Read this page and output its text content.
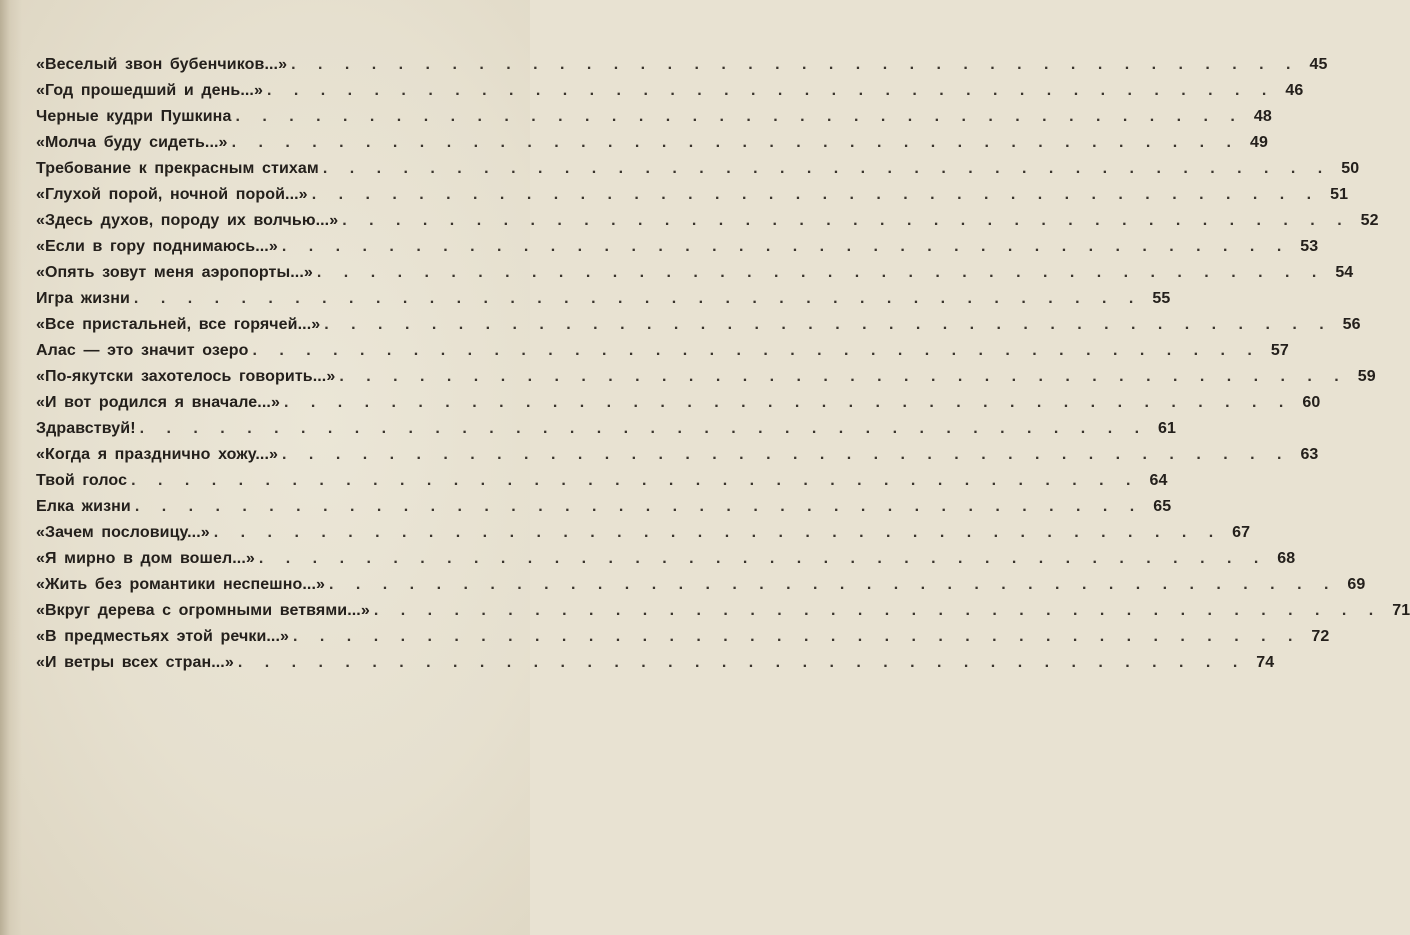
«Веселый звон бубенчиков...» . . . . . . . . . . . . . . . . . . . . . . . . . . . . . . . . . . . . . . 45
«Год прошедший и день...» . . . . . . . . . . . . . . . . . . . . . . . . . . . . . . . . . . . . . . 46
Черные кудри Пушкина . . . . . . . . . . . . . . . . . . . . . . . . . . . . . . . . . . . . . . 48
«Молча буду сидеть...» . . . . . . . . . . . . . . . . . . . . . . . . . . . . . . . . . . . . . . 49
Требование к прекрасным стихам . . . . . . . . . . . . . . . . . . . . . . . . . . . . . . . . . . . . . . 50
«Глухой порой, ночной порой...» . . . . . . . . . . . . . . . . . . . . . . . . . . . . . . . . . . . . . . 51
«Здесь духов, породу их волчью...» . . . . . . . . . . . . . . . . . . . . . . . . . . . . . . . . . . . . . . 52
«Если в гору поднимаюсь...» . . . . . . . . . . . . . . . . . . . . . . . . . . . . . . . . . . . . . . 53
«Опять зовут меня аэропорты...» . . . . . . . . . . . . . . . . . . . . . . . . . . . . . . . . . . . . . . 54
Игра жизни . . . . . . . . . . . . . . . . . . . . . . . . . . . . . . . . . . . . . . 55
«Все пристальней, все горячей...» . . . . . . . . . . . . . . . . . . . . . . . . . . . . . . . . . . . . . . 56
Алас — это значит озеро . . . . . . . . . . . . . . . . . . . . . . . . . . . . . . . . . . . . . . 57
«По-якутски захотелось говорить...» . . . . . . . . . . . . . . . . . . . . . . . . . . . . . . . . . . . . . . 59
«И вот родился я вначале...» . . . . . . . . . . . . . . . . . . . . . . . . . . . . . . . . . . . . . . 60
Здравствуй! . . . . . . . . . . . . . . . . . . . . . . . . . . . . . . . . . . . . . . 61
«Когда я празднично хожу...» . . . . . . . . . . . . . . . . . . . . . . . . . . . . . . . . . . . . . . 63
Твой голос . . . . . . . . . . . . . . . . . . . . . . . . . . . . . . . . . . . . . . 64
Елка жизни . . . . . . . . . . . . . . . . . . . . . . . . . . . . . . . . . . . . . . 65
«Зачем пословицу...» . . . . . . . . . . . . . . . . . . . . . . . . . . . . . . . . . . . . . . 67
«Я мирно в дом вошел...» . . . . . . . . . . . . . . . . . . . . . . . . . . . . . . . . . . . . . . 68
«Жить без романтики неспешно...» . . . . . . . . . . . . . . . . . . . . . . . . . . . . . . . . . . . . . . 69
«Вкруг дерева с огромными ветвями...» . . . . . . . . . . . . . . . . . . . . . . . . . . . . . . . . . . . . . . 71
«В предместьях этой речки...» . . . . . . . . . . . . . . . . . . . . . . . . . . . . . . . . . . . . . . 72
«И ветры всех стран...» . . . . . . . . . . . . . . . . . . . . . . . . . . . . . . . . . . . . . . 74
